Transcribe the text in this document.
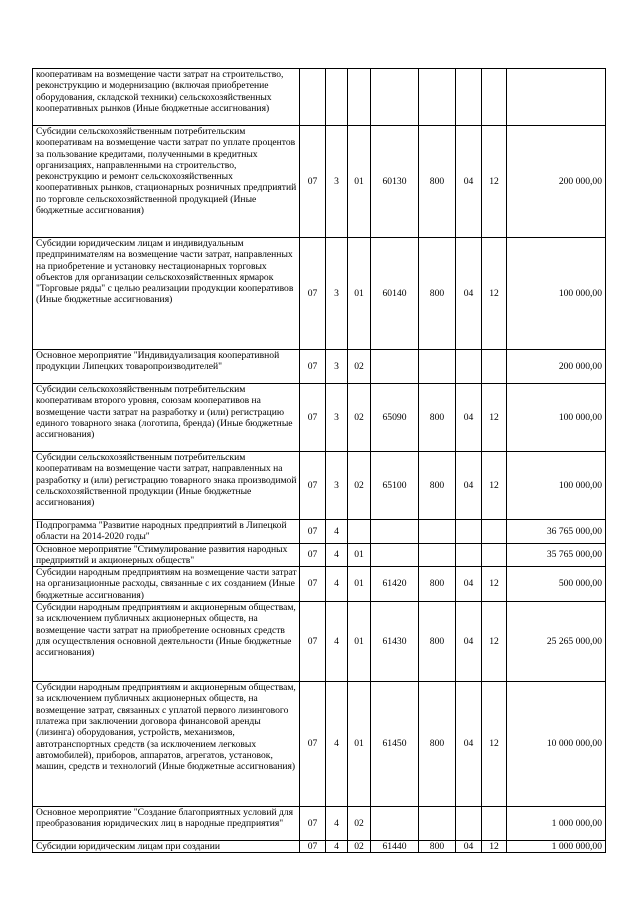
кооперативам на возмещение части затрат на строительство, реконструкцию и модернизацию (включая приобретение оборудования, складской техники) сельскохозяйственных кооперативных рынков (Иные бюджетные ассигнования)								
Субсидии сельскохозяйственным потребительским кооперативам на возмещение части затрат по уплате процентов за пользование кредитами, полученными в кредитных организациях, направленными на строительство, реконструкцию и ремонт сельскохозяйственных кооперативных рынков, стационарных розничных предприятий по торговле сельскохозяйственной продукцией (Иные бюджетные ассигнования)	07	3	01	60130	800	04	12	200 000,00
Субсидии юридическим лицам и индивидуальным предпринимателям на возмещение части затрат, направленных на приобретение и установку нестационарных торговых объектов для организации сельскохозяйственных ярмарок "Торговые ряды" с целью реализации продукции кооперативов (Иные бюджетные ассигнования)	07	3	01	60140	800	04	12	100 000,00
Основное мероприятие "Индивидуализация кооперативной продукции Липецких товаропроизводителей"	07	3	02					200 000,00
Субсидии сельскохозяйственным потребительским кооперативам второго уровня, союзам кооперативов на возмещение части затрат на разработку и (или) регистрацию единого товарного знака (логотипа, бренда) (Иные бюджетные ассигнования)	07	3	02	65090	800	04	12	100 000,00
Субсидии сельскохозяйственным потребительским кооперативам на возмещение части затрат, направленных на разработку и (или) регистрацию товарного знака производимой сельскохозяйственной продукции (Иные бюджетные ассигнования)	07	3	02	65100	800	04	12	100 000,00
Подпрограмма "Развитие народных предприятий в Липецкой области на 2014-2020 годы"	07	4						36 765 000,00
Основное мероприятие "Стимулирование развития народных предприятий и акционерных обществ"	07	4	01					35 765 000,00
Субсидии народным предприятиям на возмещение части затрат на организационные расходы, связанные с их созданием (Иные бюджетные ассигнования)	07	4	01	61420	800	04	12	500 000,00
Субсидии народным предприятиям и акционерным обществам, за исключением публичных акционерных обществ, на возмещение части затрат на приобретение основных средств для осуществления основной деятельности (Иные бюджетные ассигнования)	07	4	01	61430	800	04	12	25 265 000,00
Субсидии народным предприятиям и акционерным обществам, за исключением публичных акционерных обществ, на возмещение затрат, связанных с уплатой первого лизингового платежа при заключении договора финансовой аренды (лизинга) оборудования, устройств, механизмов, автотранспортных средств (за исключением легковых автомобилей), приборов, аппаратов, агрегатов, установок, машин, средств и технологий (Иные бюджетные ассигнования)	07	4	01	61450	800	04	12	10 000 000,00
Основное мероприятие "Создание благоприятных условий для преобразования юридических лиц в народные предприятия"	07	4	02					1 000 000,00
Субсидии юридическим лицам при создании	07	4	02	61440	800	04	12	1 000 000,00
